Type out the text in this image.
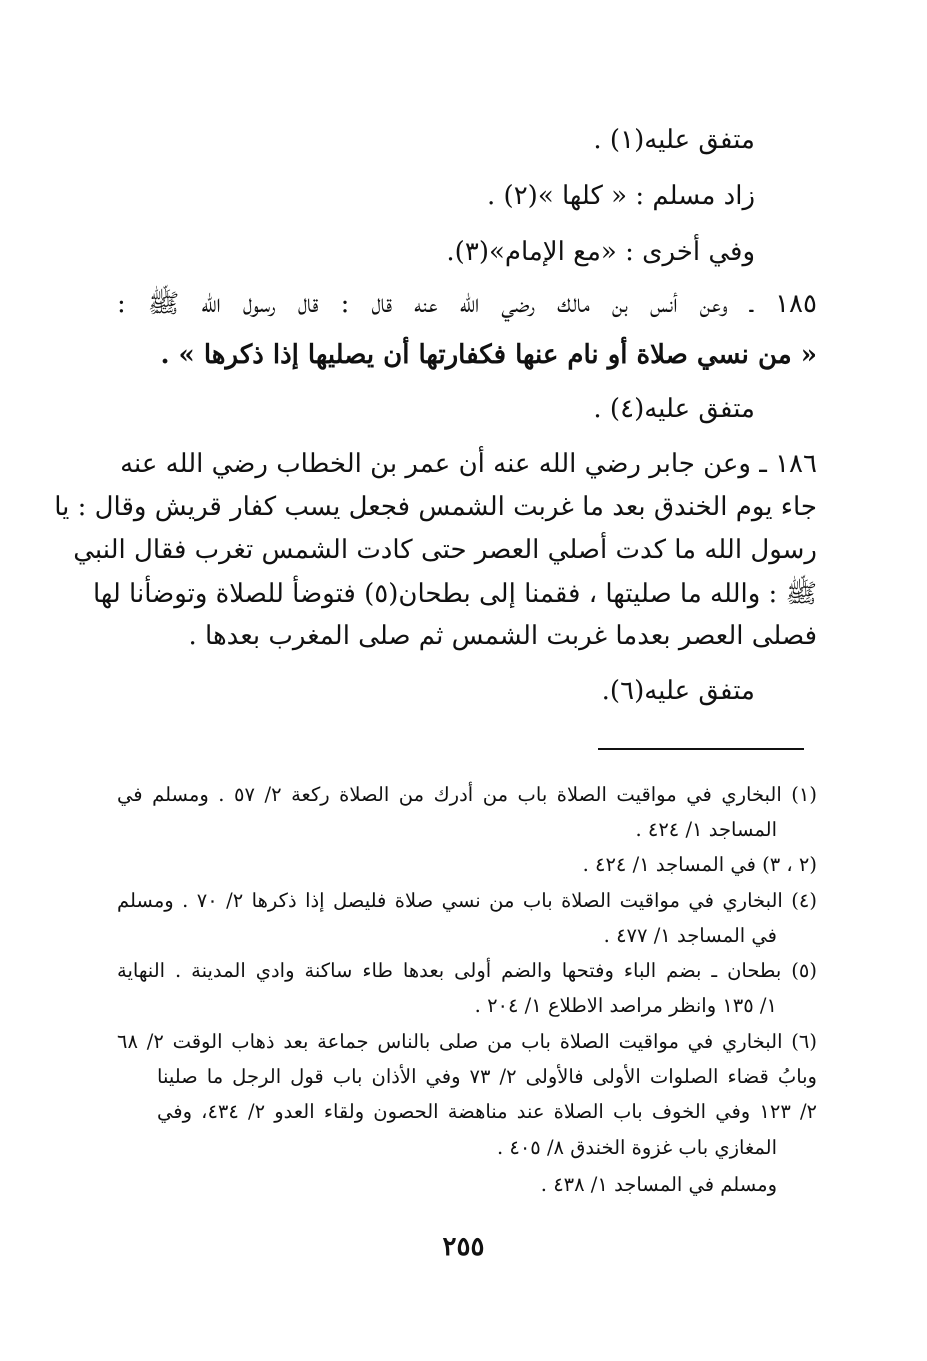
متفق عليه(١) .

زاد مسلم : « كلها »(٢) .

وفي أخرى : «مع الإمام»(٣).

١٨٥ ـ وعن أنس بن مالك رضي الله عنه قال : قال رسول الله ﷺ :

« من نسي صلاة أو نام عنها فكفارتها أن يصليها إذا ذكرها » .

متفق عليه(٤) .

١٨٦ ـ وعن جابر رضي الله عنه أن عمر بن الخطاب رضي الله عنه

جاء يوم الخندق بعد ما غربت الشمس فجعل يسب كفار قريش وقال : يا

رسول الله ما كدت أصلي العصر حتى كادت الشمس تغرب فقال النبي

ﷺ : والله ما صليتها ، فقمنا إلى بطحان(٥) فتوضأ للصلاة وتوضأنا لها

فصلى العصر بعدما غربت الشمس ثم صلى المغرب بعدها .

متفق عليه(٦).

(١) البخاري في مواقيت الصلاة باب من أدرك من الصلاة ركعة ٢/ ٥٧ . ومسلم في

المساجد ١/ ٤٢٤ .

(٢ ، ٣) في المساجد ١/ ٤٢٤ .

(٤) البخاري في مواقيت الصلاة باب من نسي صلاة فليصل إذا ذكرها ٢/ ٧٠ . ومسلم

في المساجد ١/ ٤٧٧ .

(٥) بطحان ـ بضم الباء وفتحها والضم أولى بعدها طاء ساكنة وادي المدينة . النهاية

١/ ١٣٥ وانظر مراصد الاطلاع ١/ ٢٠٤ .

(٦) البخاري في مواقيت الصلاة باب من صلى بالناس جماعة بعد ذهاب الوقت ٢/ ٦٨

وبابُ قضاء الصلوات الأولى فالأولى ٢/ ٧٣ وفي الأذان باب قول الرجل ما صلينا

٢/ ١٢٣ وفي الخوف باب الصلاة عند مناهضة الحصون ولقاء العدو ٢/ ٤٣٤، وفي

المغازي باب غزوة الخندق ٨/ ٤٠٥ .

ومسلم في المساجد ١/ ٤٣٨ .

٢٥٥
